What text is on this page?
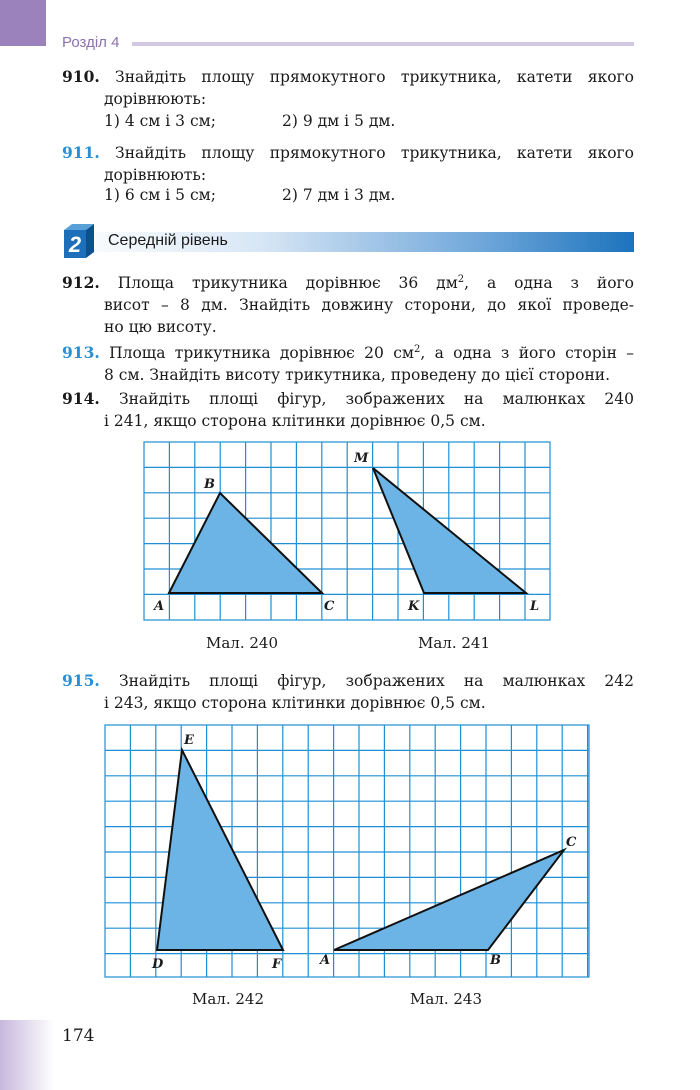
Розділ 4
910. Знайдіть площу прямокутного трикутника, катети якого
дорівнюють:
1) 4 см і 3 см;	2) 9 дм і 5 дм.
911. Знайдіть площу прямокутного трикутника, катети якого
дорівнюють:
1) 6 см і 5 см;	2) 7 дм і 3 дм.
2 Середній рівень
912. Площа трикутника дорівнює 36 $дм^2$, а одна з його
висот – 8 дм. Знайдіть довжину сторони, до якої проведе-
но цю висоту.
913. Площа трикутника дорівнює 20 $см^2$, а одна з його сторін –
8 см. Знайдіть висоту трикутника, проведену до цієї сторони.
914. Знайдіть площі фігур, зображених на малюнках 240
і 241, якщо сторона клітинки дорівнює 0,5 см.
A
B
C
M
K	L
Мал. 240	Мал. 241
915. Знайдіть площі фігур, зображених на малюнках 242
і 243, якщо сторона клітинки дорівнює 0,5 см.
E
D	F	A	B
C
Мал. 242	Мал. 243
174
